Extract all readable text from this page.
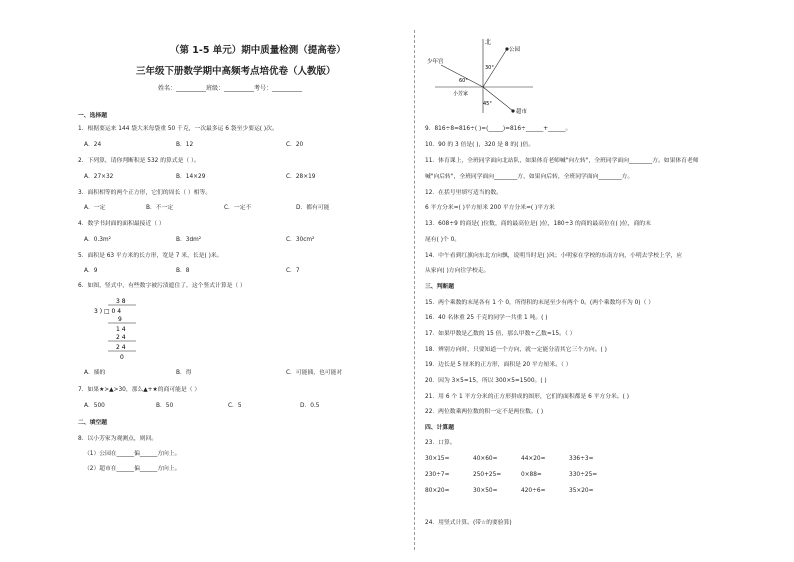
（第 1-5 单元）期中质量检测（提高卷）
三年级下册数学期中高频考点培优卷（人教版）
姓名：__________班级：__________考号：__________
一、选择题
1．根据要运来 144 袋大米每袋重 50 千克，一次最多运 6 袋至少要运( )次。
A．24	B．12	C．20
2．下列算，请你判断积是 532 的算式是（ ）。
A．27×32	B．14×29	C．28×19
3．面积相等的两个正方形，它们的周长（ ）相等。
A．一定	B．不一定	C．一定不	D．都有可能
4．数学书封面的面积最接近（ ）
A．0.3m²	B．3dm²	C．30cm²
5．面积是 63 平方米的长方形，宽是 7 米，长是( )米。
A．9	B．8	C．7
6．如图，竖式中，有些数字被污渍遮住了，这个竖式计算是（ ）
3 8
3 ) □ 0 4
9
1 4
2 4
2 4
0
A．插的	B．得	C．可能插，也可能对
7．如果★>▲>30，那么▲+★的商可能是（ ）
A．500	B．50	C．5	D．0.5
二、填空题
8．以小芳家为观测点，则回。
（1）公园在______偏______方向上。
（2）超市在______偏______方向上。
北
公园
少年宫
小芳家
超市
30°
60°
45°
9．816÷8=816÷( )=(_____)=816÷______+______。
10．90 的 3 倍是( )，320 是 8 的( )倍。
11．体育课上，全班同学面向北站队，如果体育老师喊"向左转"，全班同学面向________方。如果体育老师
喊"向后转"，全班同学面向________方，如果向后转，全班同学面向________方。
12．在括号里填写适当的数。
6 平方分米=( )平方厘米 200 平方分米=( )平方米
13．608÷9 的商是( )位数，商的最高位是( )位，180÷3 的商的最高位在( )位，商的末
尾有( )个 0。
14．中午看到红旗向东北方向飘，说明当时是( )风；小明家在学校的东南方向，小明去学校上学，应
从家向( )方向往学校走。
三、判断题
15．两个乘数的末尾各有 1 个 0，所得积的末尾至少有两个 0。(两个乘数均不为 0)（ ）
16．40 名体重 25 千克的同学一共重 1 吨。( )
17．如果甲数是乙数的 15 倍，那么甲数÷乙数=15。（ ）
18．辨别方向时，只要知道一个方向，就一定能分清其它三个方向。( )
19．边长是 5 厘米的正方形，面积是 20 平方厘米。（ ）
20．因为 3×5=15，所以 300×5=1500。( )
21．用 6 个 1 平方分米的正方形拼成的图形，它们的面积都是 6 平方分米。( )
22．两位数乘两位数的积一定不是两位数。( )
四、计算题
23．口算。
30×15=	40×60=	44×20=	336÷3=
230÷7=	250+25=	0×88=	330÷25=
80×20=	30×50=	420÷6=	35×20=
24．用竖式计算。(带☆的要验算)
